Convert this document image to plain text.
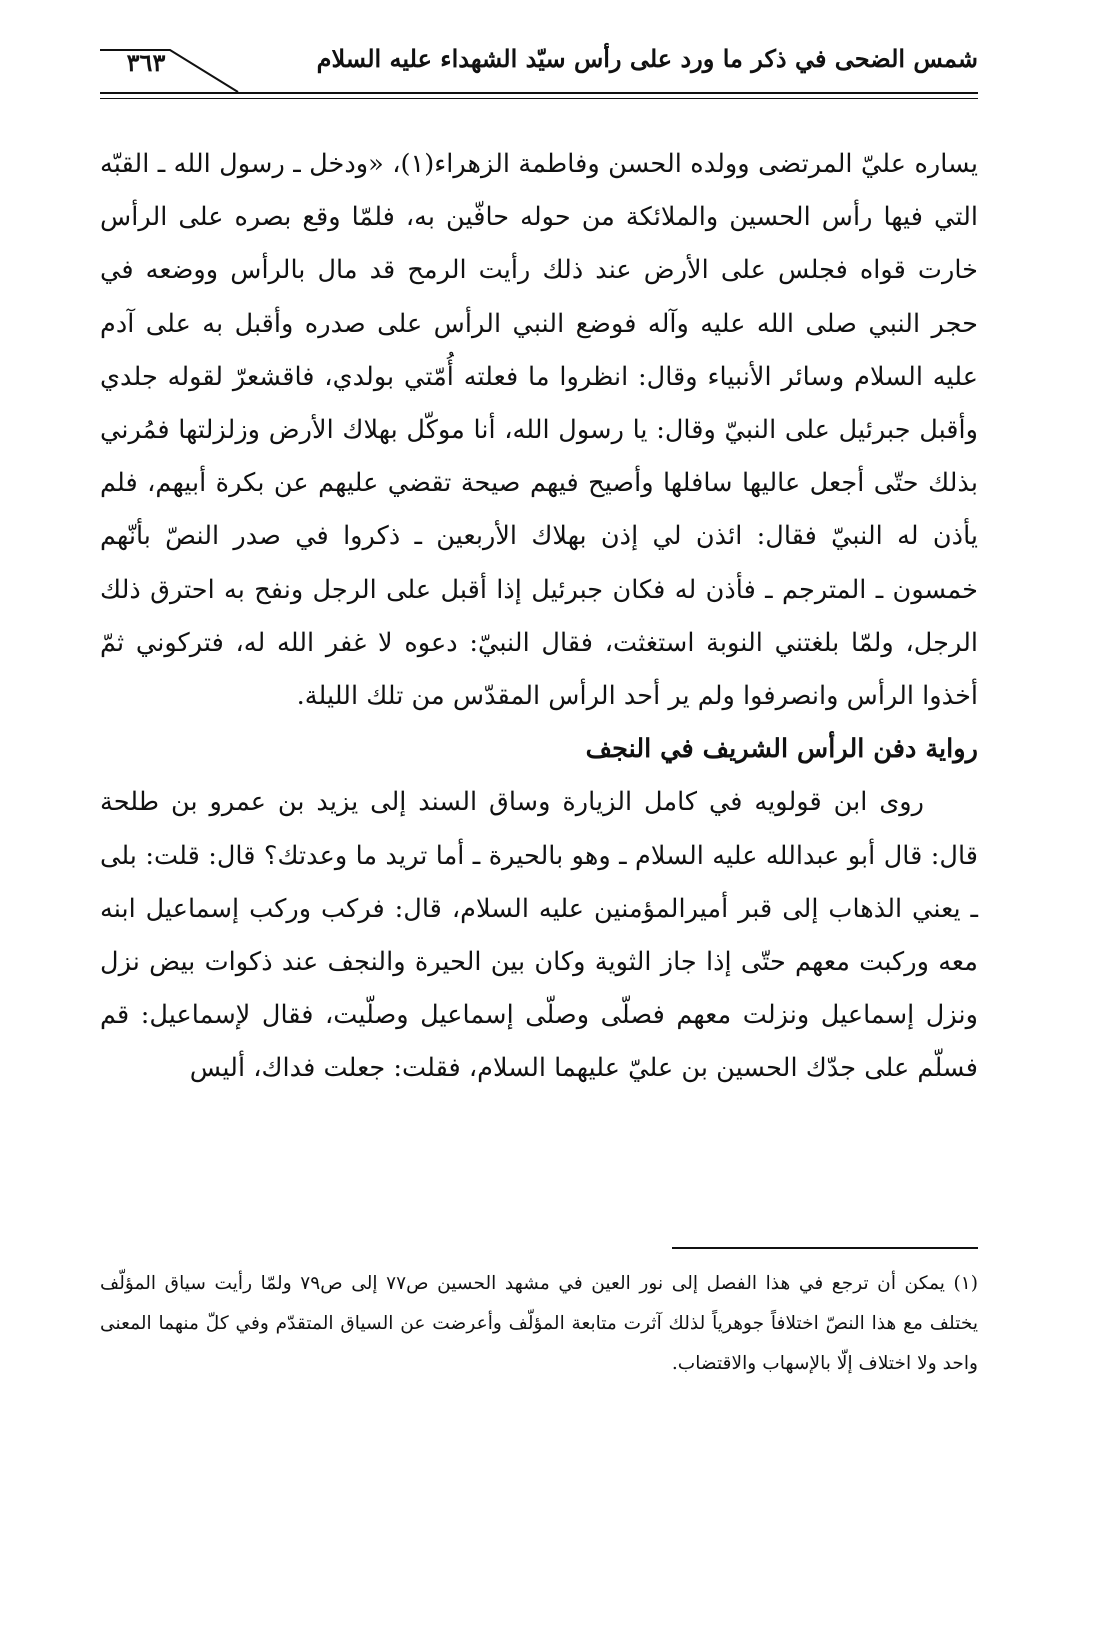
شمس الضحى في ذكر ما ورد على رأس سيّد الشهداء عليه السلام
٣٦٣

يساره عليّ المرتضى وولده الحسن وفاطمة الزهراء(١)، «ودخل ـ رسول الله ـ القبّه التي فيها رأس الحسين والملائكة من حوله حافّين به، فلمّا وقع بصره على الرأس خارت قواه فجلس على الأرض عند ذلك رأيت الرمح قد مال بالرأس ووضعه في حجر النبي صلى الله عليه وآله فوضع النبي الرأس على صدره وأقبل به على آدم عليه السلام وسائر الأنبياء وقال: انظروا ما فعلته أُمّتي بولدي، فاقشعرّ لقوله جلدي وأقبل جبرئيل على النبيّ وقال: يا رسول الله، أنا موكّل بهلاك الأرض وزلزلتها فمُرني بذلك حتّى أجعل عاليها سافلها وأصيح فيهم صيحة تقضي عليهم عن بكرة أبيهم، فلم يأذن له النبيّ فقال: ائذن لي إذن بهلاك الأربعين ـ ذكروا في صدر النصّ بأنّهم خمسون ـ المترجم ـ فأذن له فكان جبرئيل إذا أقبل على الرجل ونفح به احترق ذلك الرجل، ولمّا بلغتني النوبة استغثت، فقال النبيّ: دعوه لا غفر الله له، فتركوني ثمّ أخذوا الرأس وانصرفوا ولم ير أحد الرأس المقدّس من تلك الليلة.

رواية دفن الرأس الشريف في النجف

روى ابن قولويه في كامل الزيارة وساق السند إلى يزيد بن عمرو بن طلحة قال: قال أبو عبدالله عليه السلام ـ وهو بالحيرة ـ أما تريد ما وعدتك؟ قال: قلت: بلى ـ يعني الذهاب إلى قبر أميرالمؤمنين عليه السلام، قال: فركب وركب إسماعيل ابنه معه وركبت معهم حتّى إذا جاز الثوية وكان بين الحيرة والنجف عند ذكوات بيض نزل ونزل إسماعيل ونزلت معهم فصلّى وصلّى إسماعيل وصلّيت، فقال لإسماعيل: قم فسلّم على جدّك الحسين بن عليّ عليهما السلام، فقلت: جعلت فداك، أليس

(١) يمكن أن ترجع في هذا الفصل إلى نور العين في مشهد الحسين ص٧٧ إلى ص٧٩ ولمّا رأيت سياق المؤلّف يختلف مع هذا النصّ اختلافاً جوهرياً لذلك آثرت متابعة المؤلّف وأعرضت عن السياق المتقدّم وفي كلّ منهما المعنى واحد ولا اختلاف إلّا بالإسهاب والاقتضاب.
